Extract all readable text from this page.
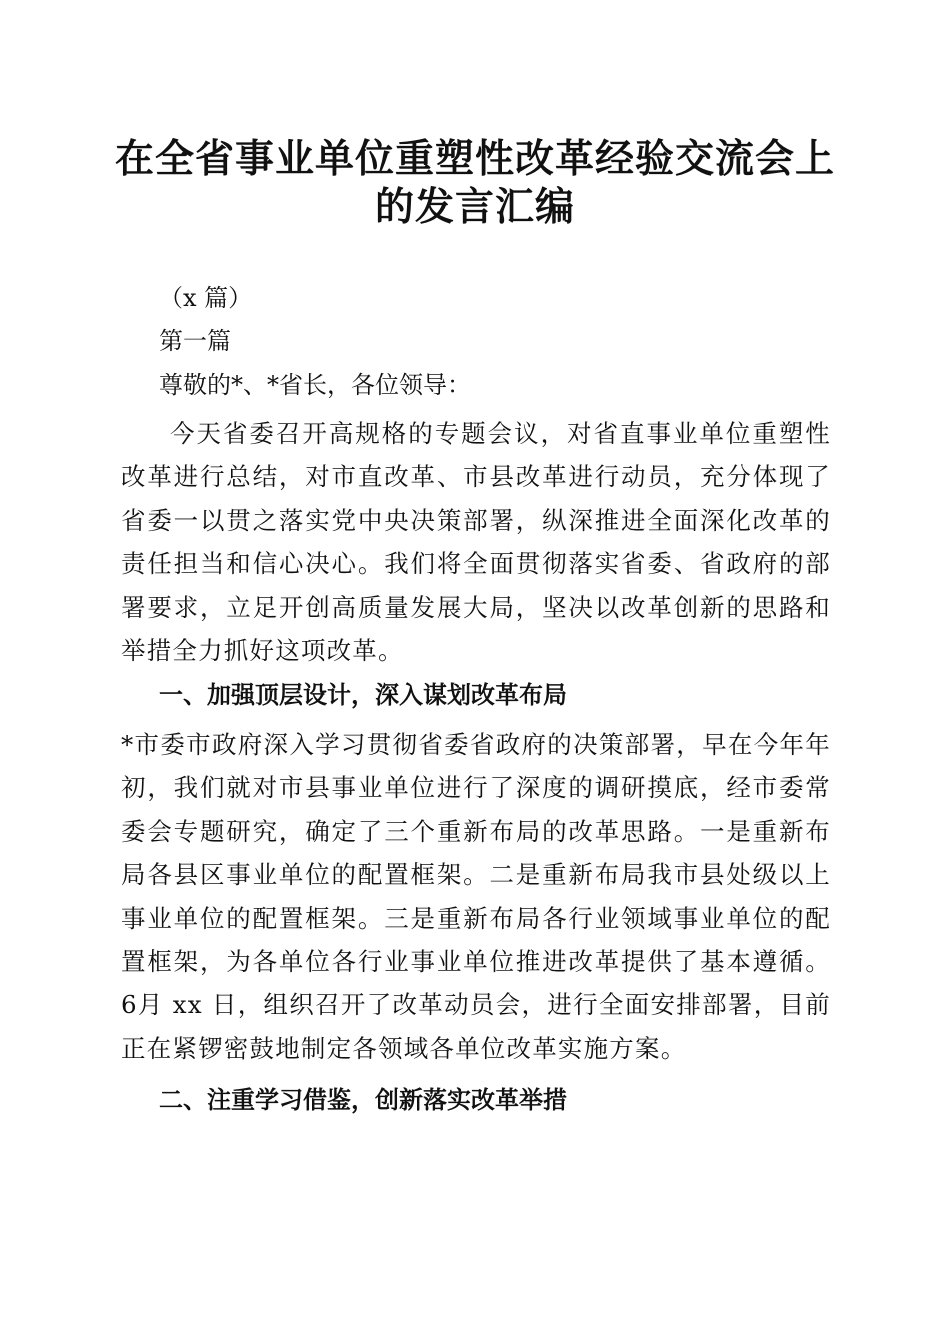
在全省事业单位重塑性改革经验交流会上的发言汇编

（x 篇）

第一篇

尊敬的*、*省长，各位领导：

今天省委召开高规格的专题会议，对省直事业单位重塑性改革进行总结，对市直改革、市县改革进行动员，充分体现了省委一以贯之落实党中央决策部署，纵深推进全面深化改革的责任担当和信心决心。我们将全面贯彻落实省委、省政府的部署要求，立足开创高质量发展大局，坚决以改革创新的思路和举措全力抓好这项改革。

一、加强顶层设计，深入谋划改革布局

*市委市政府深入学习贯彻省委省政府的决策部署，早在今年年初，我们就对市县事业单位进行了深度的调研摸底，经市委常委会专题研究，确定了三个重新布局的改革思路。一是重新布局各县区事业单位的配置框架。二是重新布局我市县处级以上事业单位的配置框架。三是重新布局各行业领域事业单位的配置框架，为各单位各行业事业单位推进改革提供了基本遵循。6月 xx 日，组织召开了改革动员会，进行全面安排部署，目前正在紧锣密鼓地制定各领域各单位改革实施方案。

二、注重学习借鉴，创新落实改革举措
